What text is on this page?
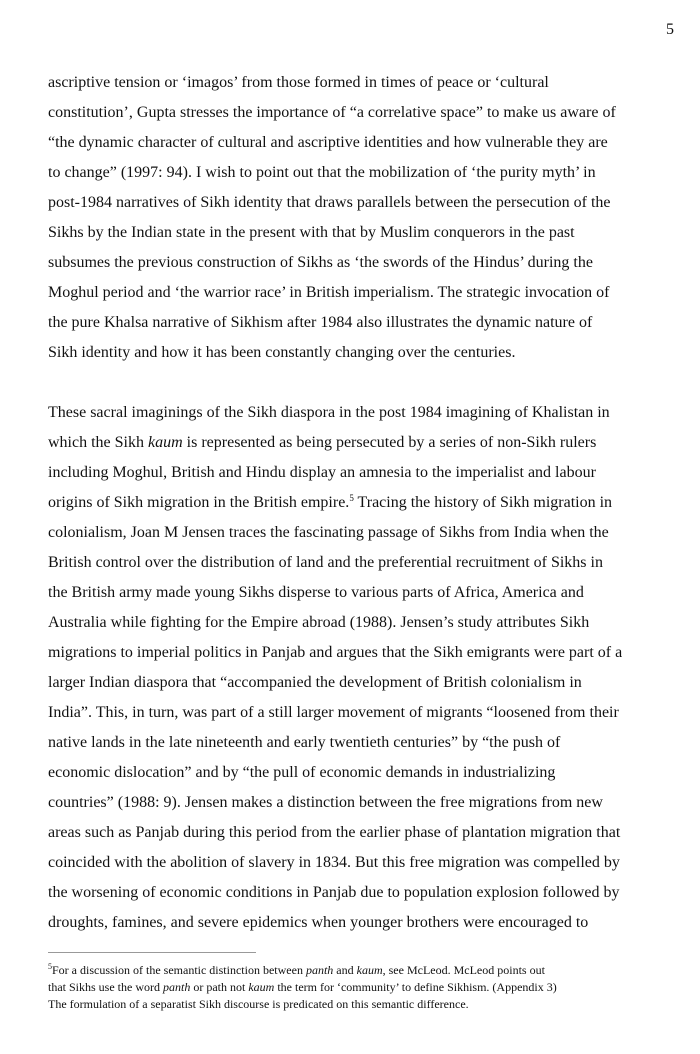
5
ascriptive tension or ‘imagos’ from those formed in times of peace or ‘cultural
constitution’, Gupta stresses the importance of “a correlative space” to make us aware of
“the dynamic character of cultural and ascriptive identities and how vulnerable they are
to change” (1997: 94). I wish to point out that the mobilization of ‘the purity myth’ in
post-1984 narratives of Sikh identity that draws parallels between the persecution of the
Sikhs by the Indian state in the present with that by Muslim conquerors in the past
subsumes the previous construction of Sikhs as ‘the swords of the Hindus’ during the
Moghul period and ‘the warrior race’ in British imperialism. The strategic invocation of
the pure Khalsa narrative of Sikhism after 1984 also illustrates the dynamic nature of
Sikh identity and how it has been constantly changing over the centuries.
These sacral imaginings of the Sikh diaspora in the post 1984 imagining of Khalistan in
which the Sikh kaum is represented as being persecuted by a series of non-Sikh rulers
including Moghul, British and Hindu display an amnesia to the imperialist and labour
origins of Sikh migration in the British empire.$^5$ Tracing the history of Sikh migration in
colonialism, Joan M Jensen traces the fascinating passage of Sikhs from India when the
British control over the distribution of land and the preferential recruitment of Sikhs in
the British army made young Sikhs disperse to various parts of Africa, America and
Australia while fighting for the Empire abroad (1988). Jensen’s study attributes Sikh
migrations to imperial politics in Panjab and argues that the Sikh emigrants were part of a
larger Indian diaspora that “accompanied the development of British colonialism in
India”. This, in turn, was part of a still larger movement of migrants “loosened from their
native lands in the late nineteenth and early twentieth centuries” by “the push of
economic dislocation” and by “the pull of economic demands in industrializing
countries” (1988: 9). Jensen makes a distinction between the free migrations from new
areas such as Panjab during this period from the earlier phase of plantation migration that
coincided with the abolition of slavery in 1834. But this free migration was compelled by
the worsening of economic conditions in Panjab due to population explosion followed by
droughts, famines, and severe epidemics when younger brothers were encouraged to
$^5$For a discussion of the semantic distinction between panth and kaum, see McLeod. McLeod points out
that Sikhs use the word panth or path not kaum the term for ‘community’ to define Sikhism. (Appendix 3)
The formulation of a separatist Sikh discourse is predicated on this semantic difference.
